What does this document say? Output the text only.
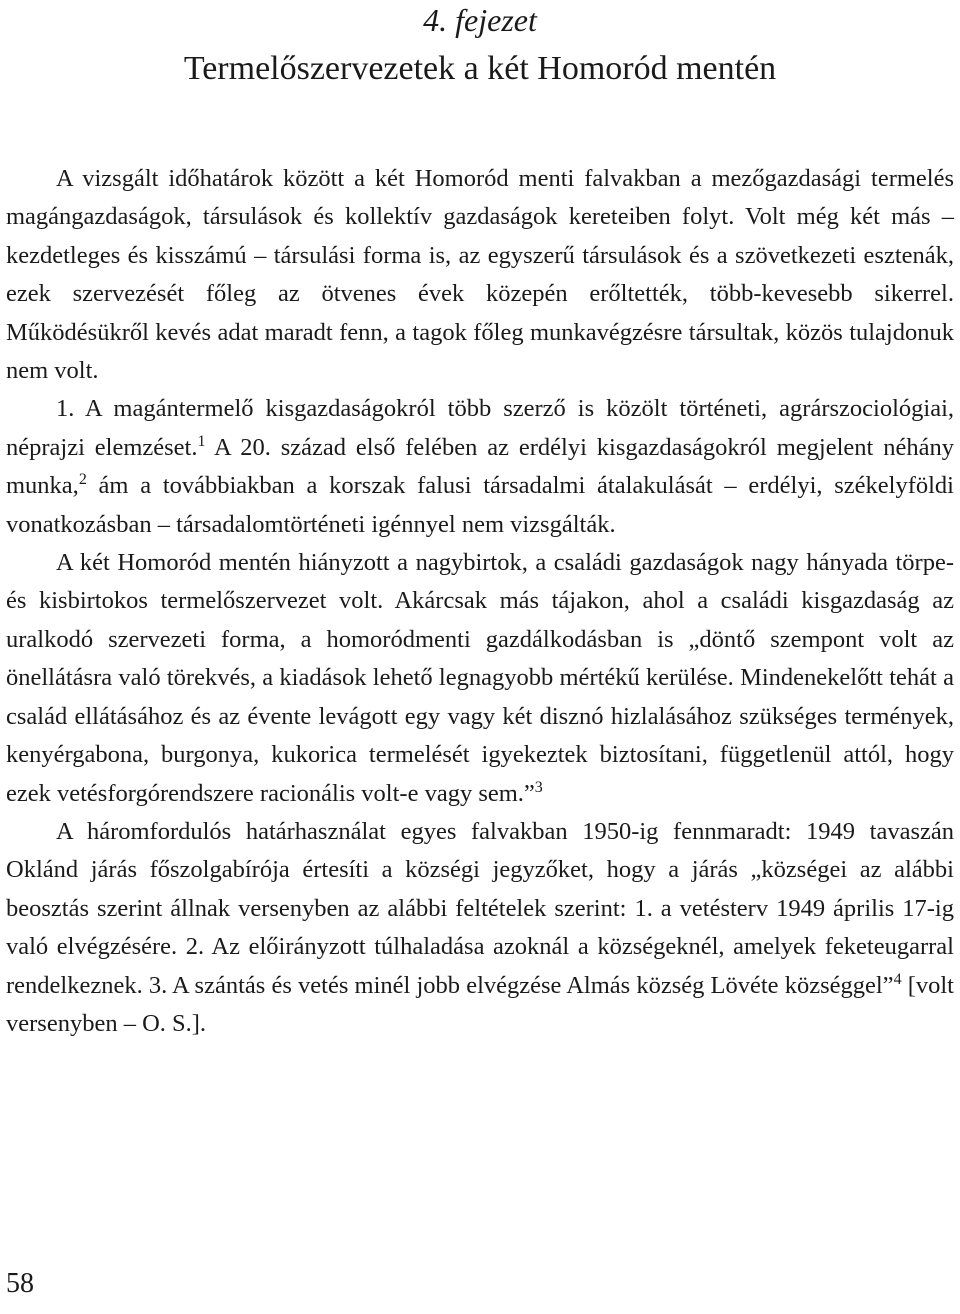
4. fejezet
Termelőszervezetek a két Homoród mentén

A vizsgált időhatárok között a két Homoród menti falvakban a mezőgazdasági termelés magángazdaságok, társulások és kollektív gazdaságok kereteiben folyt. Volt még két más – kezdetleges és kisszámú – társulási forma is, az egyszerű társulások és a szövetkezeti esztenák, ezek szervezését főleg az ötvenes évek közepén erőltették, több-kevesebb sikerrel. Működésükről kevés adat maradt fenn, a tagok főleg munkavégzésre társultak, közös tulajdonuk nem volt.

1. A magántermelő kisgazdaságokról több szerző is közölt történeti, agrárszociológiai, néprajzi elemzéset.$^1$ A 20. század első felében az erdélyi kisgazdaságokról megjelent néhány munka,$^2$ ám a továbbiakban a korszak falusi társadalmi átalakulását – erdélyi, székelyföldi vonatkozásban – társadalomtörténeti igénnyel nem vizsgálták.

A két Homoród mentén hiányzott a nagybirtok, a családi gazdaságok nagy hányada törpe- és kisbirtokos termelőszervezet volt. Akárcsak más tájakon, ahol a családi kisgazdaság az uralkodó szervezeti forma, a homoródmenti gazdálkodásban is „döntő szempont volt az önellátásra való törekvés, a kiadások lehető legnagyobb mértékű kerülése. Mindenekelőtt tehát a család ellátásához és az évente levágott egy vagy két disznó hizlalásához szükséges termények, kenyérgabona, burgonya, kukorica termelését igyekeztek biztosítani, függetlenül attól, hogy ezek vetésforgórendszere racionális volt-e vagy sem.”$^3$

A háromfordulós határhasználat egyes falvakban 1950-ig fennmaradt: 1949 tavaszán Oklánd járás főszolgabírója értesíti a községi jegyzőket, hogy a járás „községei az alábbi beosztás szerint állnak versenyben az alábbi feltételek szerint: 1. a vetésterv 1949 április 17-ig való elvégzésére. 2. Az előirányzott túlhaladása azoknál a községeknél, amelyek feketeugarral rendelkeznek. 3. A szántás és vetés minél jobb elvégzése Almás község Lövéte községgel”$^4$ [volt versenyben – O. S.].

58
